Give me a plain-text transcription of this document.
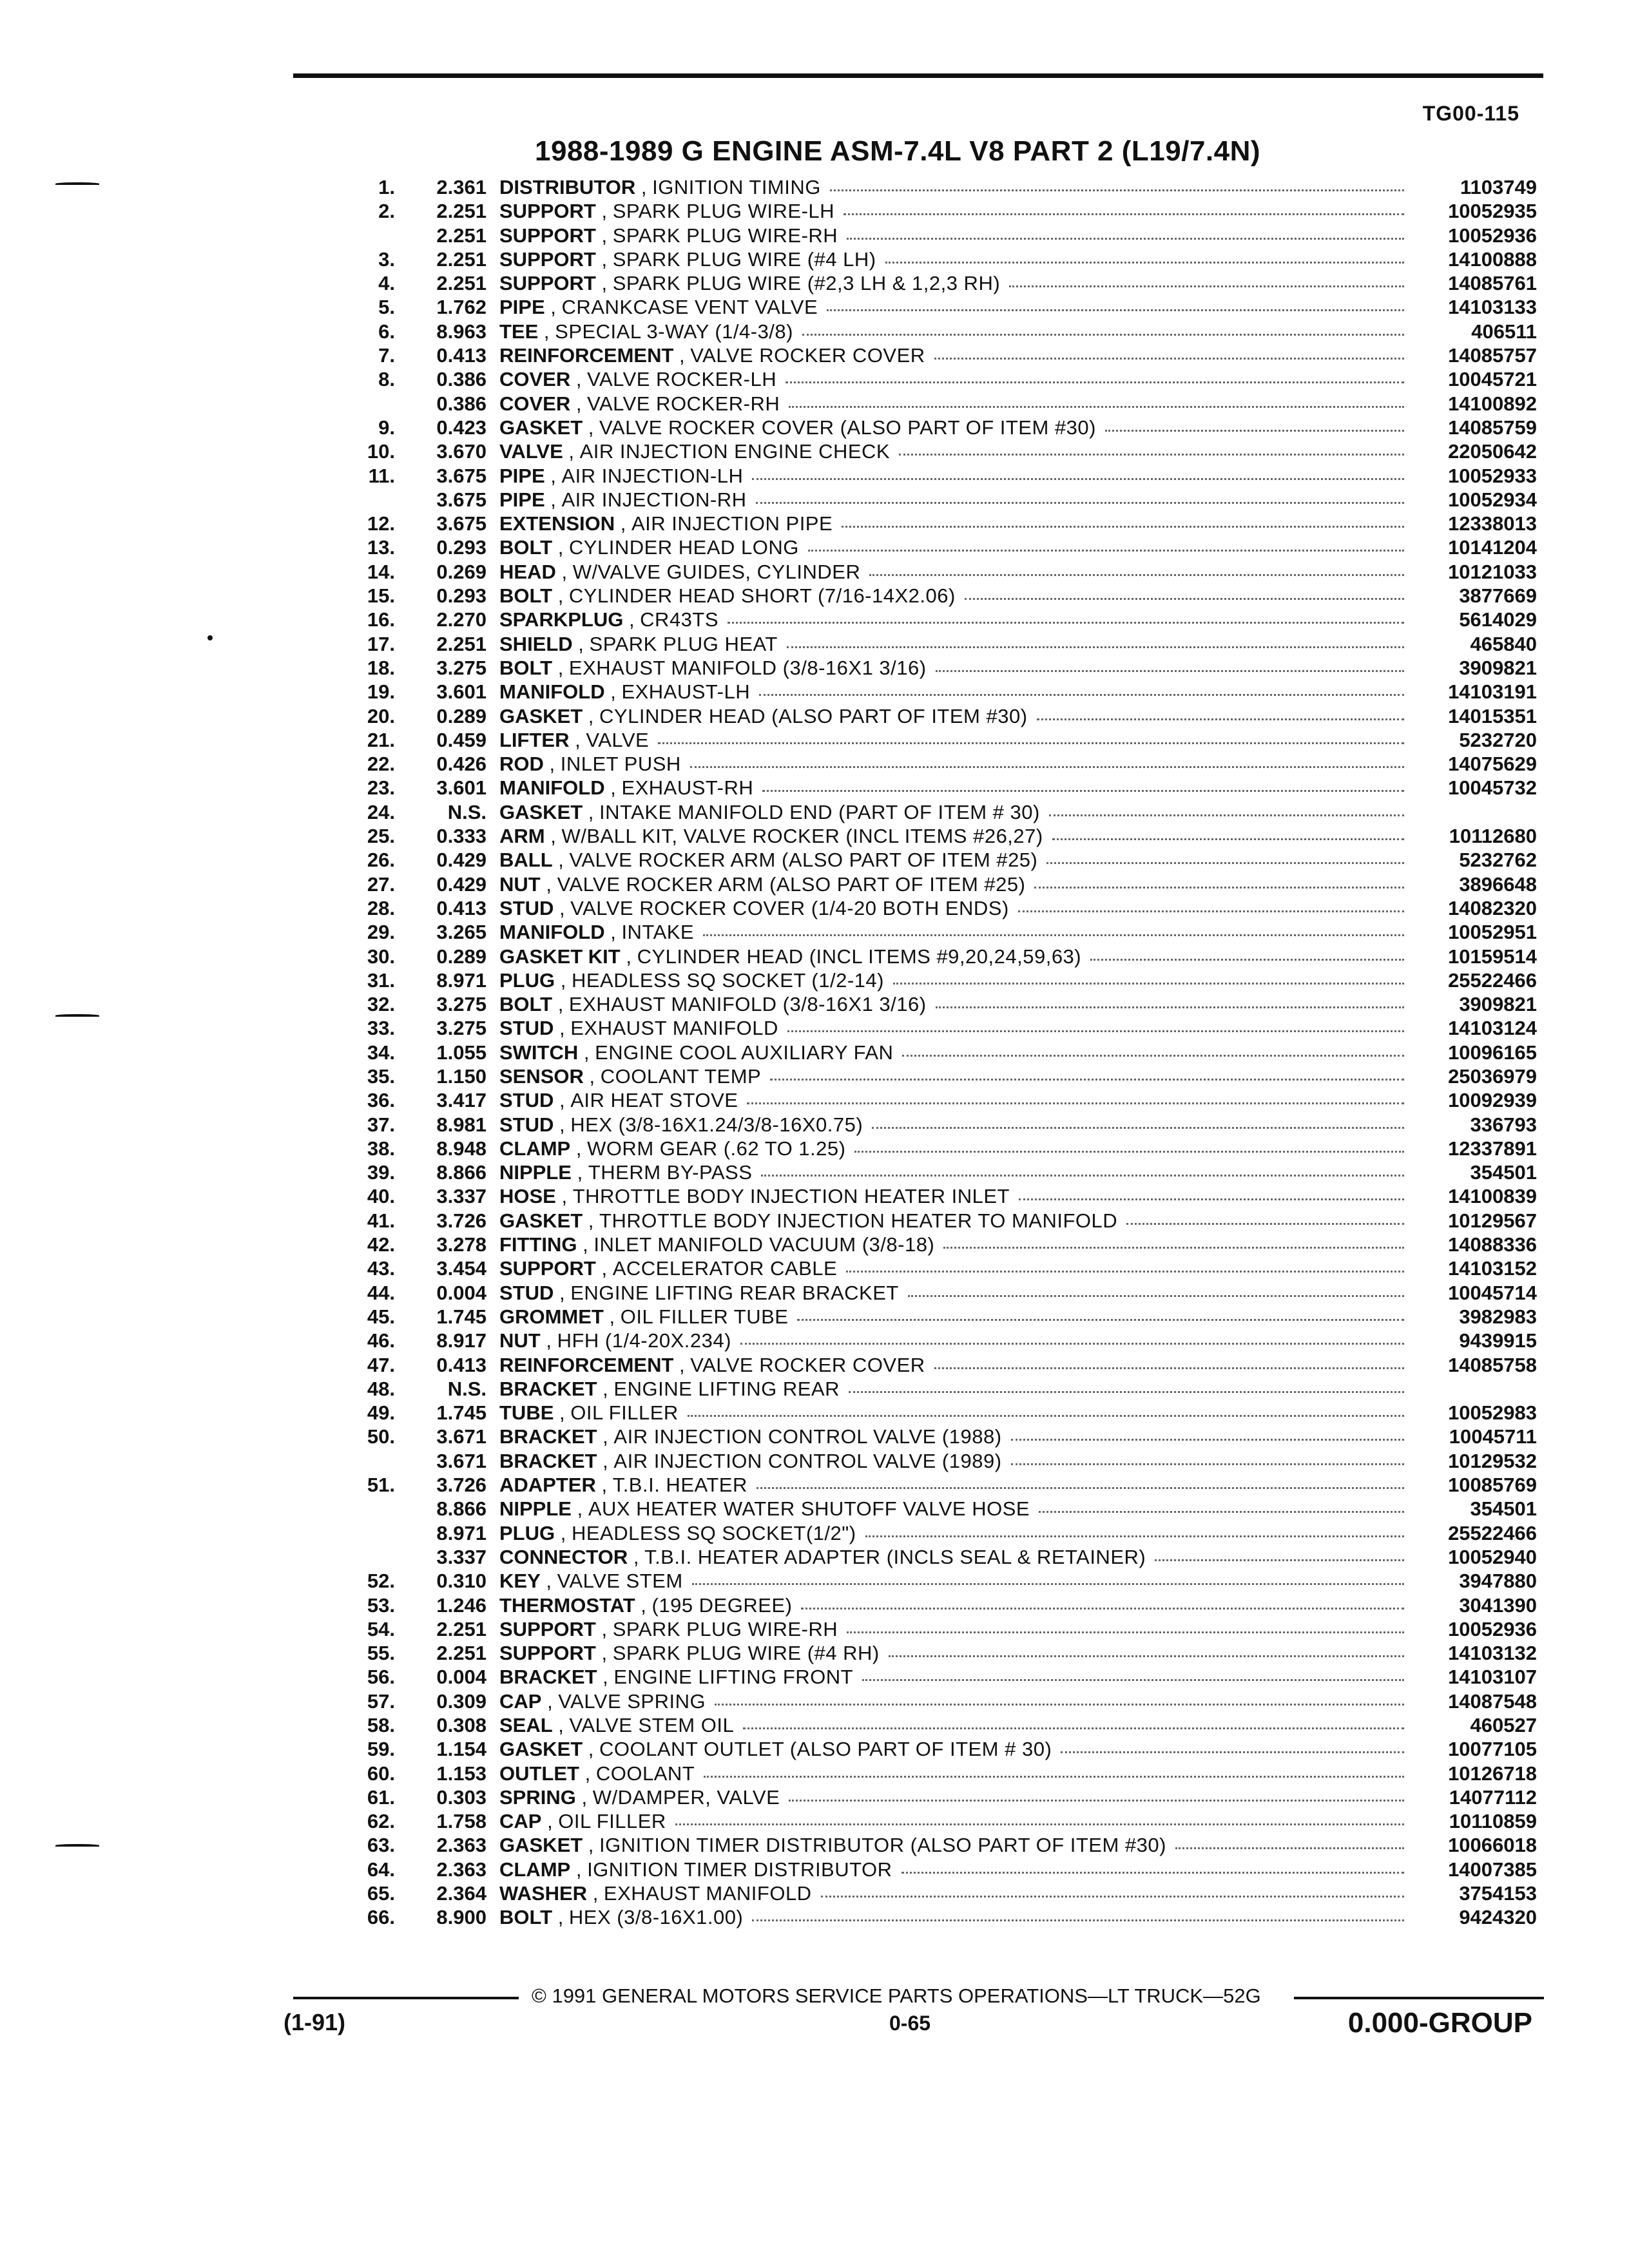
TG00-115
1988-1989 G ENGINE ASM-7.4L V8 PART 2 (L19/7.4N)
1.	2.361 DISTRIBUTOR , IGNITION TIMING	1103749
2.	2.251 SUPPORT , SPARK PLUG WIRE-LH	10052935
2.251 SUPPORT , SPARK PLUG WIRE-RH	10052936
3.	2.251 SUPPORT , SPARK PLUG WIRE (#4 LH)	14100888
4.	2.251 SUPPORT , SPARK PLUG WIRE (#2,3 LH & 1,2,3 RH)	14085761
5.	1.762 PIPE , CRANKCASE VENT VALVE	14103133
6.	8.963 TEE , SPECIAL 3-WAY (1/4-3/8)	406511
7.	0.413 REINFORCEMENT , VALVE ROCKER COVER	14085757
8.	0.386 COVER , VALVE ROCKER-LH	10045721
0.386 COVER , VALVE ROCKER-RH	14100892
9.	0.423 GASKET , VALVE ROCKER COVER (ALSO PART OF ITEM #30)	14085759
10.	3.670 VALVE , AIR INJECTION ENGINE CHECK	22050642
11.	3.675 PIPE , AIR INJECTION-LH	10052933
3.675 PIPE , AIR INJECTION-RH	10052934
12.	3.675 EXTENSION , AIR INJECTION PIPE	12338013
13.	0.293 BOLT , CYLINDER HEAD LONG	10141204
14.	0.269 HEAD , W/VALVE GUIDES, CYLINDER	10121033
15.	0.293 BOLT , CYLINDER HEAD SHORT (7/16-14X2.06)	3877669
16.	2.270 SPARKPLUG , CR43TS	5614029
17.	2.251 SHIELD , SPARK PLUG HEAT	465840
18.	3.275 BOLT , EXHAUST MANIFOLD (3/8-16X1 3/16)	3909821
19.	3.601 MANIFOLD , EXHAUST-LH	14103191
20.	0.289 GASKET , CYLINDER HEAD (ALSO PART OF ITEM #30)	14015351
21.	0.459 LIFTER , VALVE	5232720
22.	0.426 ROD , INLET PUSH	14075629
23.	3.601 MANIFOLD , EXHAUST-RH	10045732
24.	N.S. GASKET , INTAKE MANIFOLD END (PART OF ITEM # 30)
25.	0.333 ARM , W/BALL KIT, VALVE ROCKER (INCL ITEMS #26,27)	10112680
26.	0.429 BALL , VALVE ROCKER ARM (ALSO PART OF ITEM #25)	5232762
27.	0.429 NUT , VALVE ROCKER ARM (ALSO PART OF ITEM #25)	3896648
28.	0.413 STUD , VALVE ROCKER COVER (1/4-20 BOTH ENDS)	14082320
29.	3.265 MANIFOLD , INTAKE	10052951
30.	0.289 GASKET KIT , CYLINDER HEAD (INCL ITEMS #9,20,24,59,63)	10159514
31.	8.971 PLUG , HEADLESS SQ SOCKET (1/2-14)	25522466
32.	3.275 BOLT , EXHAUST MANIFOLD (3/8-16X1 3/16)	3909821
33.	3.275 STUD , EXHAUST MANIFOLD	14103124
34.	1.055 SWITCH , ENGINE COOL AUXILIARY FAN	10096165
35.	1.150 SENSOR , COOLANT TEMP	25036979
36.	3.417 STUD , AIR HEAT STOVE	10092939
37.	8.981 STUD , HEX (3/8-16X1.24/3/8-16X0.75)	336793
38.	8.948 CLAMP , WORM GEAR (.62 TO 1.25)	12337891
39.	8.866 NIPPLE , THERM BY-PASS	354501
40.	3.337 HOSE , THROTTLE BODY INJECTION HEATER INLET	14100839
41.	3.726 GASKET , THROTTLE BODY INJECTION HEATER TO MANIFOLD	10129567
42.	3.278 FITTING , INLET MANIFOLD VACUUM (3/8-18)	14088336
43.	3.454 SUPPORT , ACCELERATOR CABLE	14103152
44.	0.004 STUD , ENGINE LIFTING REAR BRACKET	10045714
45.	1.745 GROMMET , OIL FILLER TUBE	3982983
46.	8.917 NUT , HFH (1/4-20X.234)	9439915
47.	0.413 REINFORCEMENT , VALVE ROCKER COVER	14085758
48.	N.S. BRACKET , ENGINE LIFTING REAR
49.	1.745 TUBE , OIL FILLER	10052983
50.	3.671 BRACKET , AIR INJECTION CONTROL VALVE (1988)	10045711
3.671 BRACKET , AIR INJECTION CONTROL VALVE (1989)	10129532
51.	3.726 ADAPTER , T.B.I. HEATER	10085769
8.866 NIPPLE , AUX HEATER WATER SHUTOFF VALVE HOSE	354501
8.971 PLUG , HEADLESS SQ SOCKET(1/2")	25522466
3.337 CONNECTOR , T.B.I. HEATER ADAPTER (INCLS SEAL & RETAINER)	10052940
52.	0.310 KEY , VALVE STEM	3947880
53.	1.246 THERMOSTAT , (195 DEGREE)	3041390
54.	2.251 SUPPORT , SPARK PLUG WIRE-RH	10052936
55.	2.251 SUPPORT , SPARK PLUG WIRE (#4 RH)	14103132
56.	0.004 BRACKET , ENGINE LIFTING FRONT	14103107
57.	0.309 CAP , VALVE SPRING	14087548
58.	0.308 SEAL , VALVE STEM OIL	460527
59.	1.154 GASKET , COOLANT OUTLET (ALSO PART OF ITEM # 30)	10077105
60.	1.153 OUTLET , COOLANT	10126718
61.	0.303 SPRING , W/DAMPER, VALVE	14077112
62.	1.758 CAP , OIL FILLER	10110859
63.	2.363 GASKET , IGNITION TIMER DISTRIBUTOR (ALSO PART OF ITEM #30)	10066018
64.	2.363 CLAMP , IGNITION TIMER DISTRIBUTOR	14007385
65.	2.364 WASHER , EXHAUST MANIFOLD	3754153
66.	8.900 BOLT , HEX (3/8-16X1.00)	9424320
© 1991 GENERAL MOTORS SERVICE PARTS OPERATIONS—LT TRUCK—52G
(1-91)	0-65	0.000-GROUP
